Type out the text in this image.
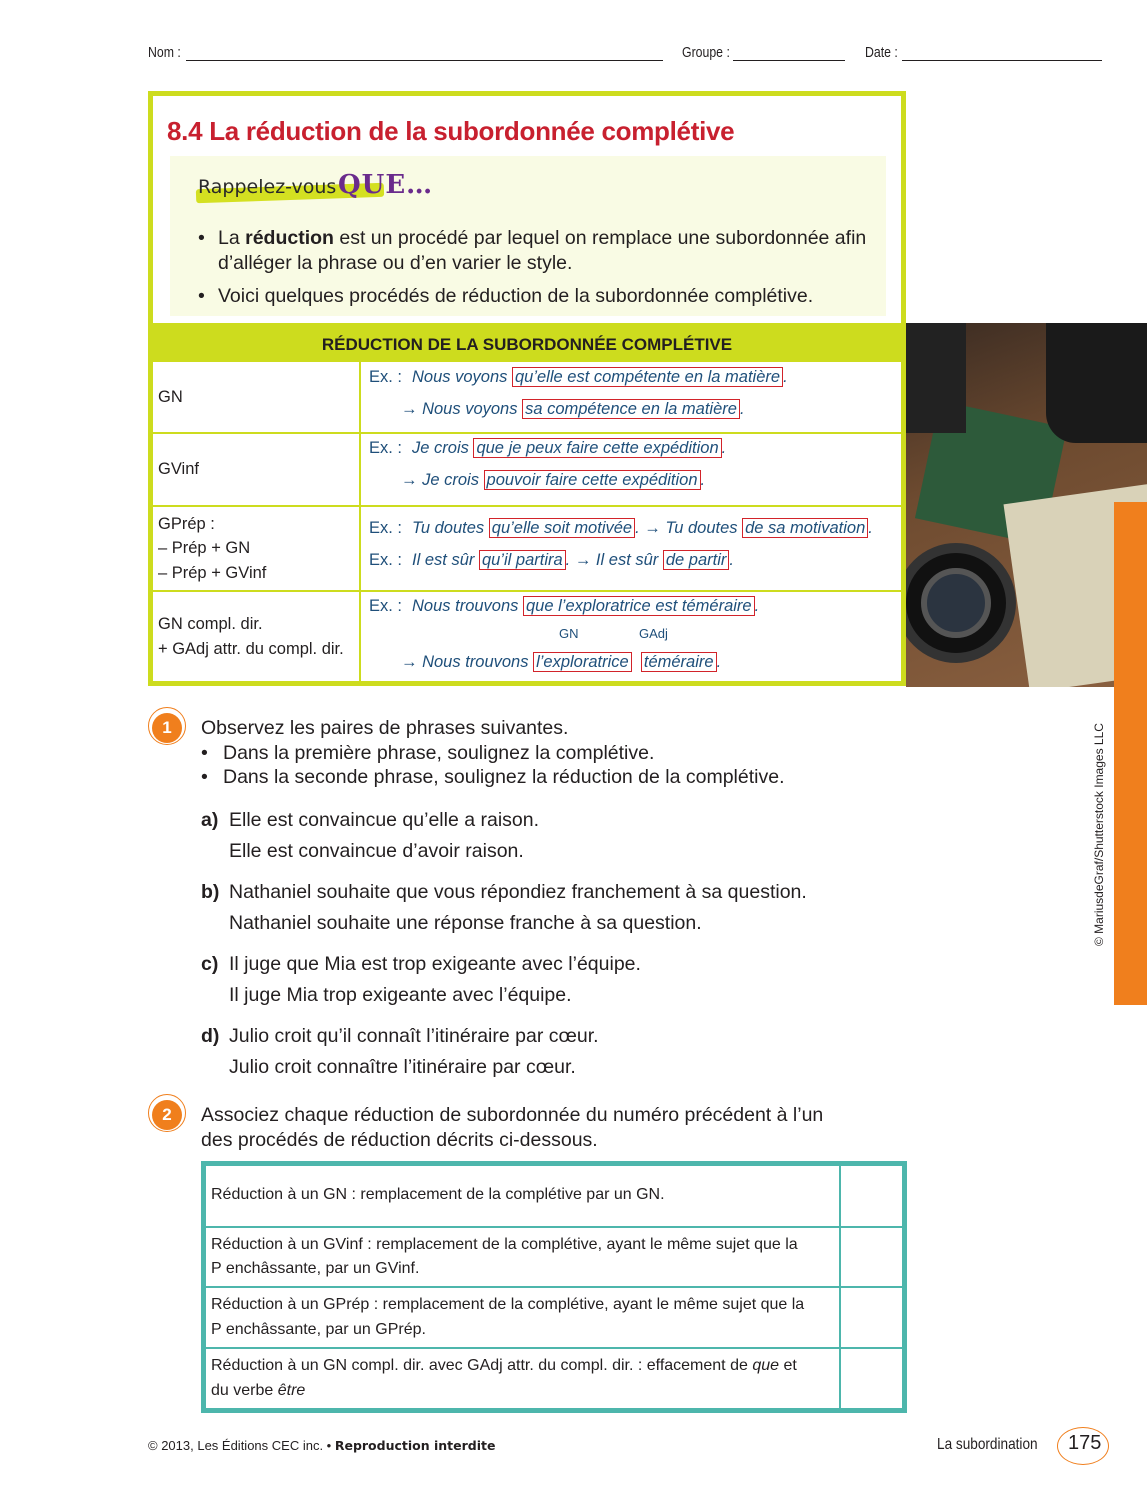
Nom :	Groupe :	Date :
8.4 La réduction de la subordonnée complétive
Rappelez-vous QUE…
• La réduction est un procédé par lequel on remplace une subordonnée afin d’alléger la phrase ou d’en varier le style.
• Voici quelques procédés de réduction de la subordonnée complétive.
RÉDUCTION DE LA SUBORDONNÉE COMPLÉTIVE
GN
Ex. : Nous voyons qu’elle est compétente en la matière .
→ Nous voyons sa compétence en la matière .
GVinf
Ex. : Je crois que je peux faire cette expédition .
→ Je crois pouvoir faire cette expédition .
GPrép :
– Prép + GN
– Prép + GVinf
Ex. : Tu doutes qu’elle soit motivée . → Tu doutes de sa motivation .
Ex. : Il est sûr qu’il partira . → Il est sûr de partir .
GN compl. dir.
+ GAdj attr. du compl. dir.
Ex. : Nous trouvons que l’exploratrice est téméraire .
GN	GAdj
→ Nous trouvons l’exploratrice téméraire .
© MariusdeGraf/Shutterstock Images LLC
1	Observez les paires de phrases suivantes.
• Dans la première phrase, soulignez la complétive.
• Dans la seconde phrase, soulignez la réduction de la complétive.
a) Elle est convaincue qu’elle a raison.
Elle est convaincue d’avoir raison.
b) Nathaniel souhaite que vous répondiez franchement à sa question.
Nathaniel souhaite une réponse franche à sa question.
c) Il juge que Mia est trop exigeante avec l’équipe.
Il juge Mia trop exigeante avec l’équipe.
d) Julio croit qu’il connaît l’itinéraire par cœur.
Julio croit connaître l’itinéraire par cœur.
2	Associez chaque réduction de subordonnée du numéro précédent à l’un
des procédés de réduction décrits ci-dessous.
Réduction à un GN : remplacement de la complétive par un GN.
Réduction à un GVinf : remplacement de la complétive, ayant le même sujet que la
P enchâssante, par un GVinf.
Réduction à un GPrép : remplacement de la complétive, ayant le même sujet que la
P enchâssante, par un GPrép.
Réduction à un GN compl. dir. avec GAdj attr. du compl. dir. : effacement de que et
du verbe être
© 2013, Les Éditions CEC inc. • Reproduction interdite	La subordination 175
